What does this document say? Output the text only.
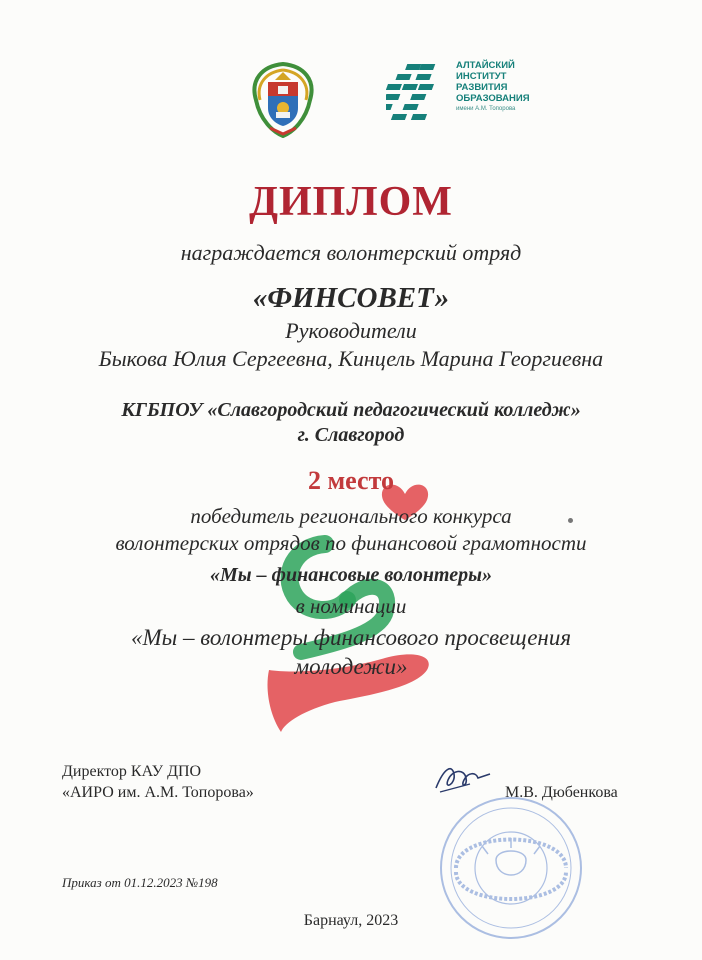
АЛТАЙСКИЙ
ИНСТИТУТ
РАЗВИТИЯ
ОБРАЗОВАНИЯ
имени А.М. Топорова
ДИПЛОМ
награждается волонтерский отряд
«ФИНСОВЕТ»
Руководители
Быкова Юлия Сергеевна, Кинцель Марина Георгиевна
КГБПОУ «Славгородский педагогический колледж»
г. Славгород
2 место
победитель регионального конкурса
волонтерских отрядов по финансовой грамотности
«Мы – финансовые волонтеры»
в номинации
«Мы – волонтеры финансового просвещения
молодежи»
Директор КАУ ДПО
«АИРО им. А.М. Топорова»	М.В. Дюбенкова
Приказ от 01.12.2023 №198
Барнаул, 2023
